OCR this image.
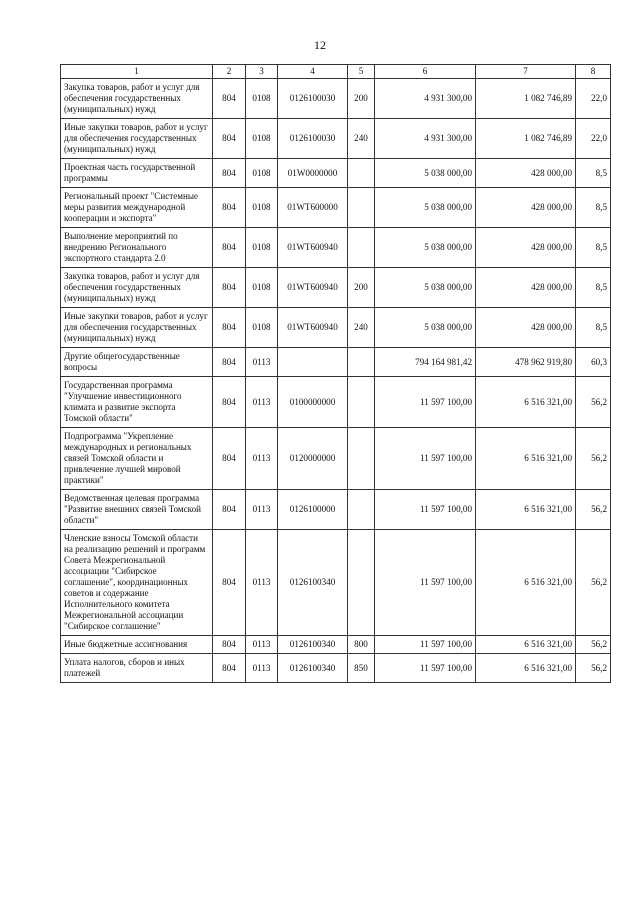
12
1	2	3	4	5	6	7	8
Закупка товаров, работ и услуг для обеспечения государственных (муниципальных) нужд	804	0108	0126100030	200	4 931 300,00	1 082 746,89	22,0
Иные закупки товаров, работ и услуг для обеспечения государственных (муниципальных) нужд	804	0108	0126100030	240	4 931 300,00	1 082 746,89	22,0
Проектная часть государственной программы	804	0108	01W0000000		5 038 000,00	428 000,00	8,5
Региональный проект "Системные меры развития международной кооперации и экспорта"	804	0108	01WT600000		5 038 000,00	428 000,00	8,5
Выполнение мероприятий по внедрению Регионального экспортного стандарта 2.0	804	0108	01WT600940		5 038 000,00	428 000,00	8,5
Закупка товаров, работ и услуг для обеспечения государственных (муниципальных) нужд	804	0108	01WT600940	200	5 038 000,00	428 000,00	8,5
Иные закупки товаров, работ и услуг для обеспечения государственных (муниципальных) нужд	804	0108	01WT600940	240	5 038 000,00	428 000,00	8,5
Другие общегосударственные вопросы	804	0113			794 164 981,42	478 962 919,80	60,3
Государственная программа "Улучшение инвестиционного климата и развитие экспорта Томской области"	804	0113	0100000000		11 597 100,00	6 516 321,00	56,2
Подпрограмма "Укрепление международных и региональных связей Томской области и привлечение лучшей мировой практики"	804	0113	0120000000		11 597 100,00	6 516 321,00	56,2
Ведомственная целевая программа "Развитие внешних связей Томской области"	804	0113	0126100000		11 597 100,00	6 516 321,00	56,2
Членские взносы Томской области на реализацию решений и программ Совета Межрегиональной ассоциации "Сибирское соглашение", координационных советов и содержание Исполнительного комитета Межрегиональной ассоциации "Сибирское соглашение"	804	0113	0126100340		11 597 100,00	6 516 321,00	56,2
Иные бюджетные ассигнования	804	0113	0126100340	800	11 597 100,00	6 516 321,00	56,2
Уплата налогов, сборов и иных платежей	804	0113	0126100340	850	11 597 100,00	6 516 321,00	56,2
